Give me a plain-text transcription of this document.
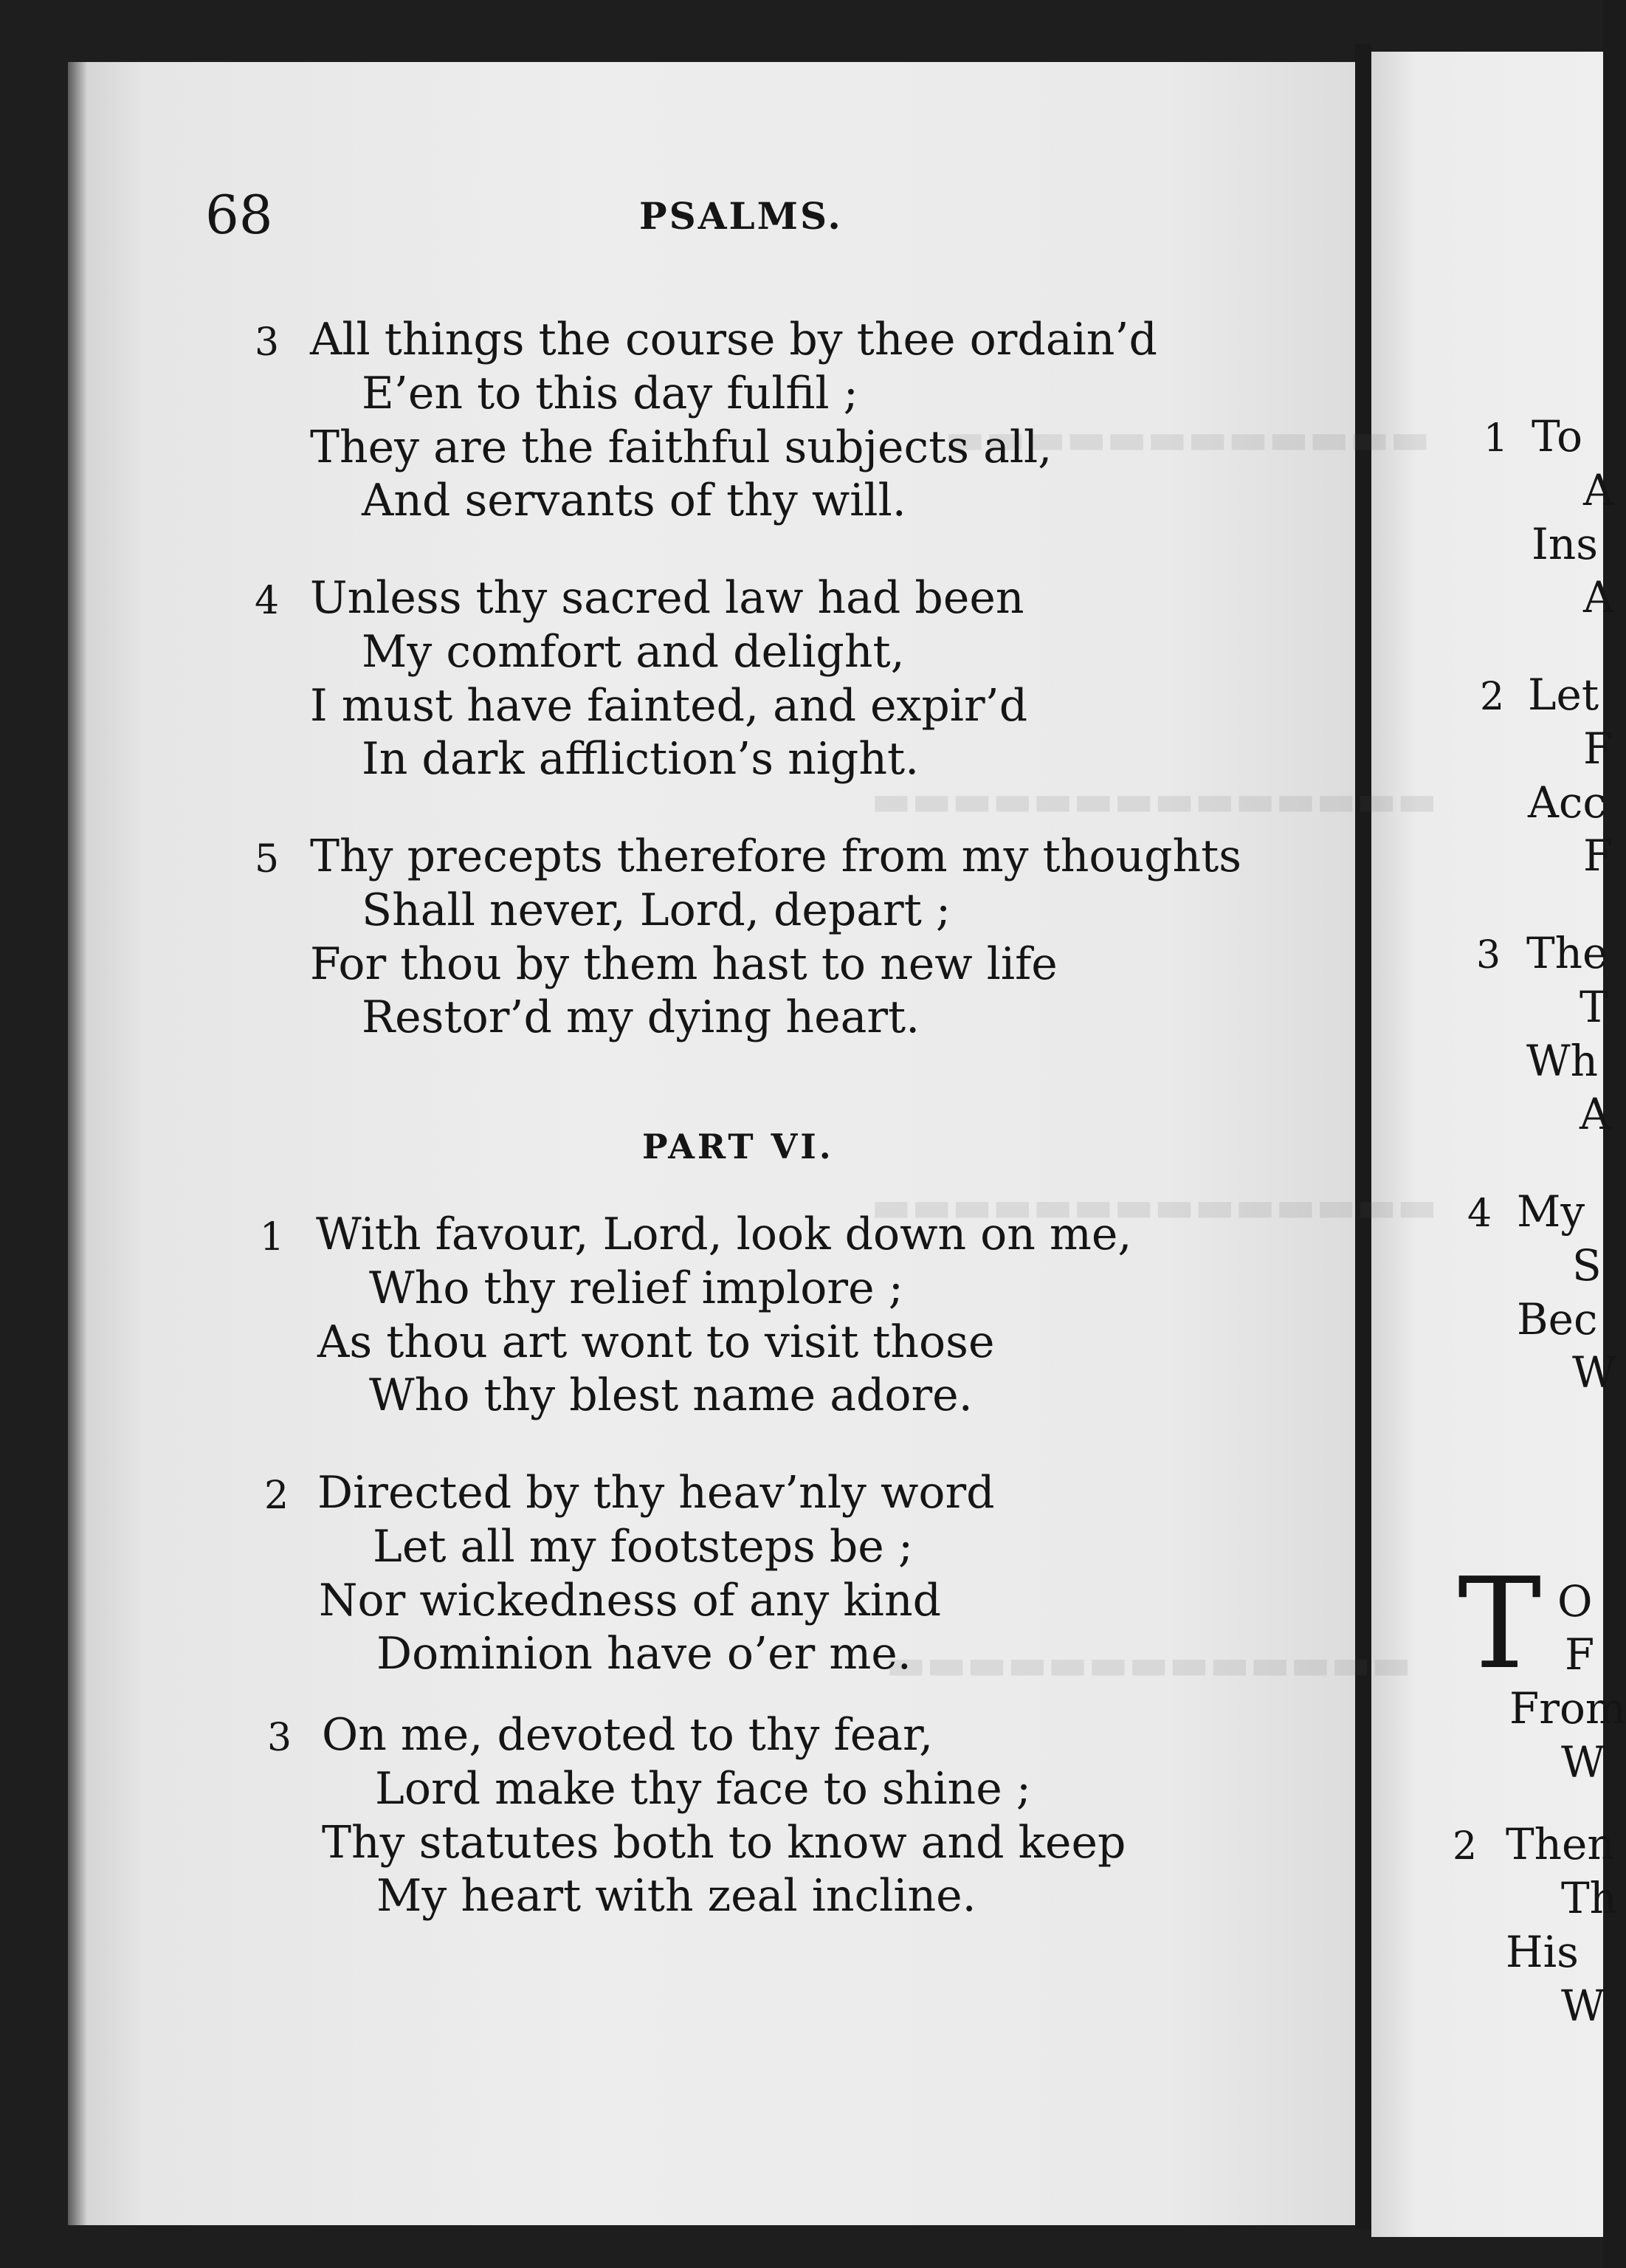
▬▬▬▬▬▬▬▬▬▬▬▬
▬▬▬▬▬▬▬▬▬▬▬▬▬▬
▬▬▬▬▬▬▬▬▬▬▬▬▬▬
▬▬▬▬▬▬▬▬▬▬▬▬▬
68	PSALMS.
3 All things the course by thee ordain’d
E’en to this day fulfil ;
They are the faithful subjects all,
And servants of thy will.
4 Unless thy sacred law had been
My comfort and delight,
I must have fainted, and expir’d
In dark affliction’s night.
5 Thy precepts therefore from my thoughts
Shall never, Lord, depart ;
For thou by them hast to new life
Restor’d my dying heart.
PART VI.
1 With favour, Lord, look down on me,
Who thy relief implore ;
As thou art wont to visit those
Who thy blest name adore.
2 Directed by thy heav’nly word
Let all my footsteps be ;
Nor wickedness of any kind
Dominion have o’er me.
3 On me, devoted to thy fear,
Lord make thy face to shine ;
Thy statutes both to know and keep
My heart with zeal incline.
1 To
A
Ins
A
2 Let
F
Acc
F
3 The
T
Wh
A
4 My
S
Bec
W
T O
F
From
W
2 Then
Th
His
W
